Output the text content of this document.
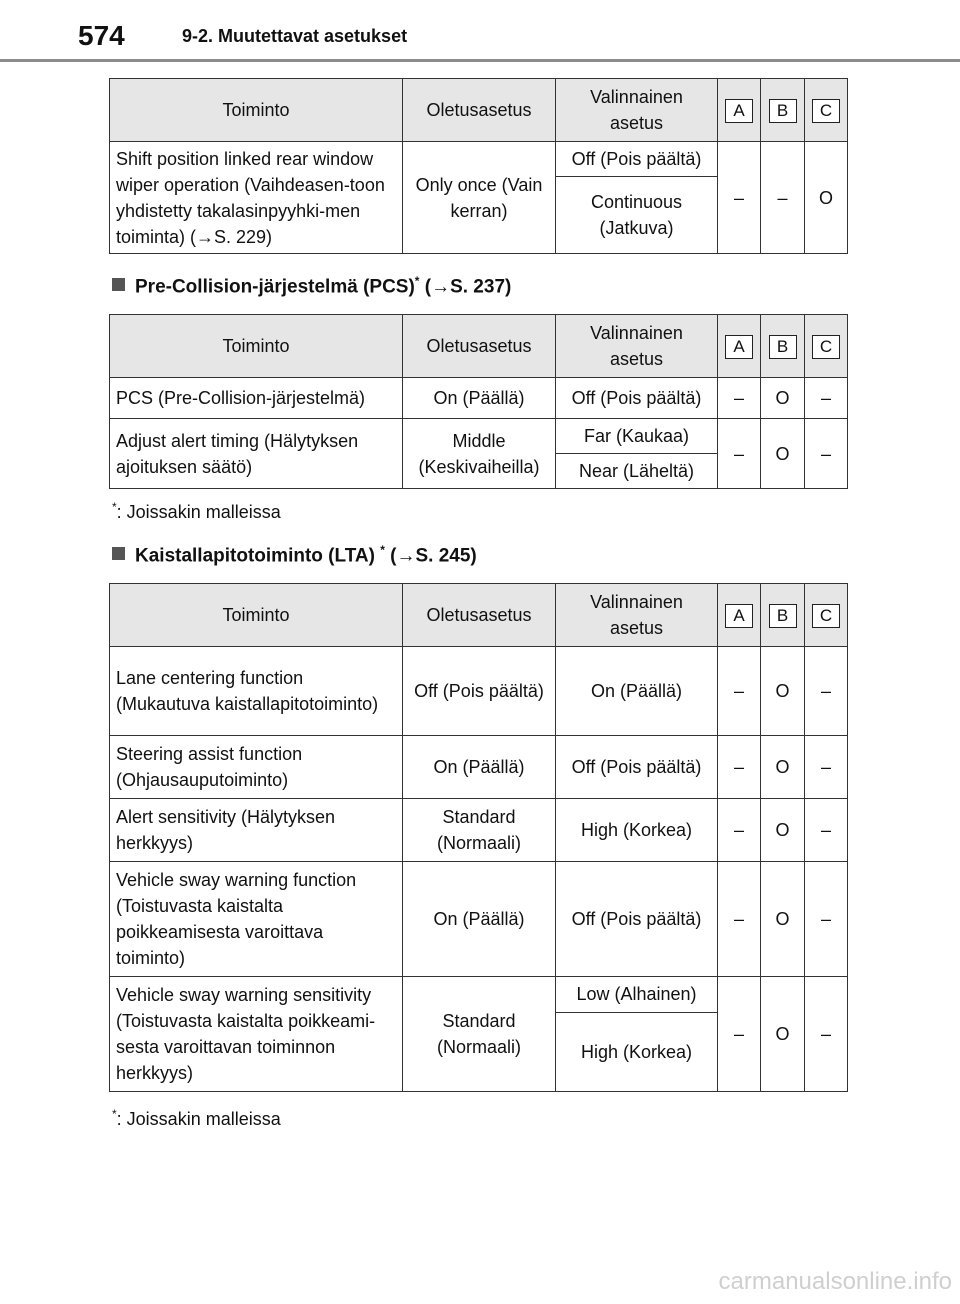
574	9-2. Muutettavat asetukset
Toiminto	Oletusasetus	Valinnainen asetus	A	B	C
Shift position linked rear window wiper operation (Vaihdeasen-toon yhdistetty takalasinpyyhki-men toiminta) (→S. 229)	Only once (Vain kerran)	Off (Pois päältä)	–	–	O
		Continuous (Jatkuva)			
Pre-Collision-järjestelmä (PCS)* (→S. 237)
Toiminto	Oletusasetus	Valinnainen asetus	A	B	C
PCS (Pre-Collision-järjestelmä)	On (Päällä)	Off (Pois päältä)	–	O	–
Adjust alert timing (Hälytyksen ajoituksen säätö)	Middle (Keskivaiheilla)	Far (Kaukaa)	–	O	–
		Near (Läheltä)			
*: Joissakin malleissa
Kaistallapitotoiminto (LTA) * (→S. 245)
Toiminto	Oletusasetus	Valinnainen asetus	A	B	C
Lane centering function (Mukautuva kaistallapitotoiminto)	Off (Pois päältä)	On (Päällä)	–	O	–
Steering assist function (Ohjausauputoiminto)	On (Päällä)	Off (Pois päältä)	–	O	–
Alert sensitivity (Hälytyksen herkkyys)	Standard (Normaali)	High (Korkea)	–	O	–
Vehicle sway warning function (Toistuvasta kaistalta poikkeamisesta varoittava toiminto)	On (Päällä)	Off (Pois päältä)	–	O	–
Vehicle sway warning sensitivity (Toistuvasta kaistalta poikkeami-sesta varoittavan toiminnon herkkyys)	Standard (Normaali)	Low (Alhainen)	–	O	–
		High (Korkea)			
*: Joissakin malleissa
carmanualsonline.info
